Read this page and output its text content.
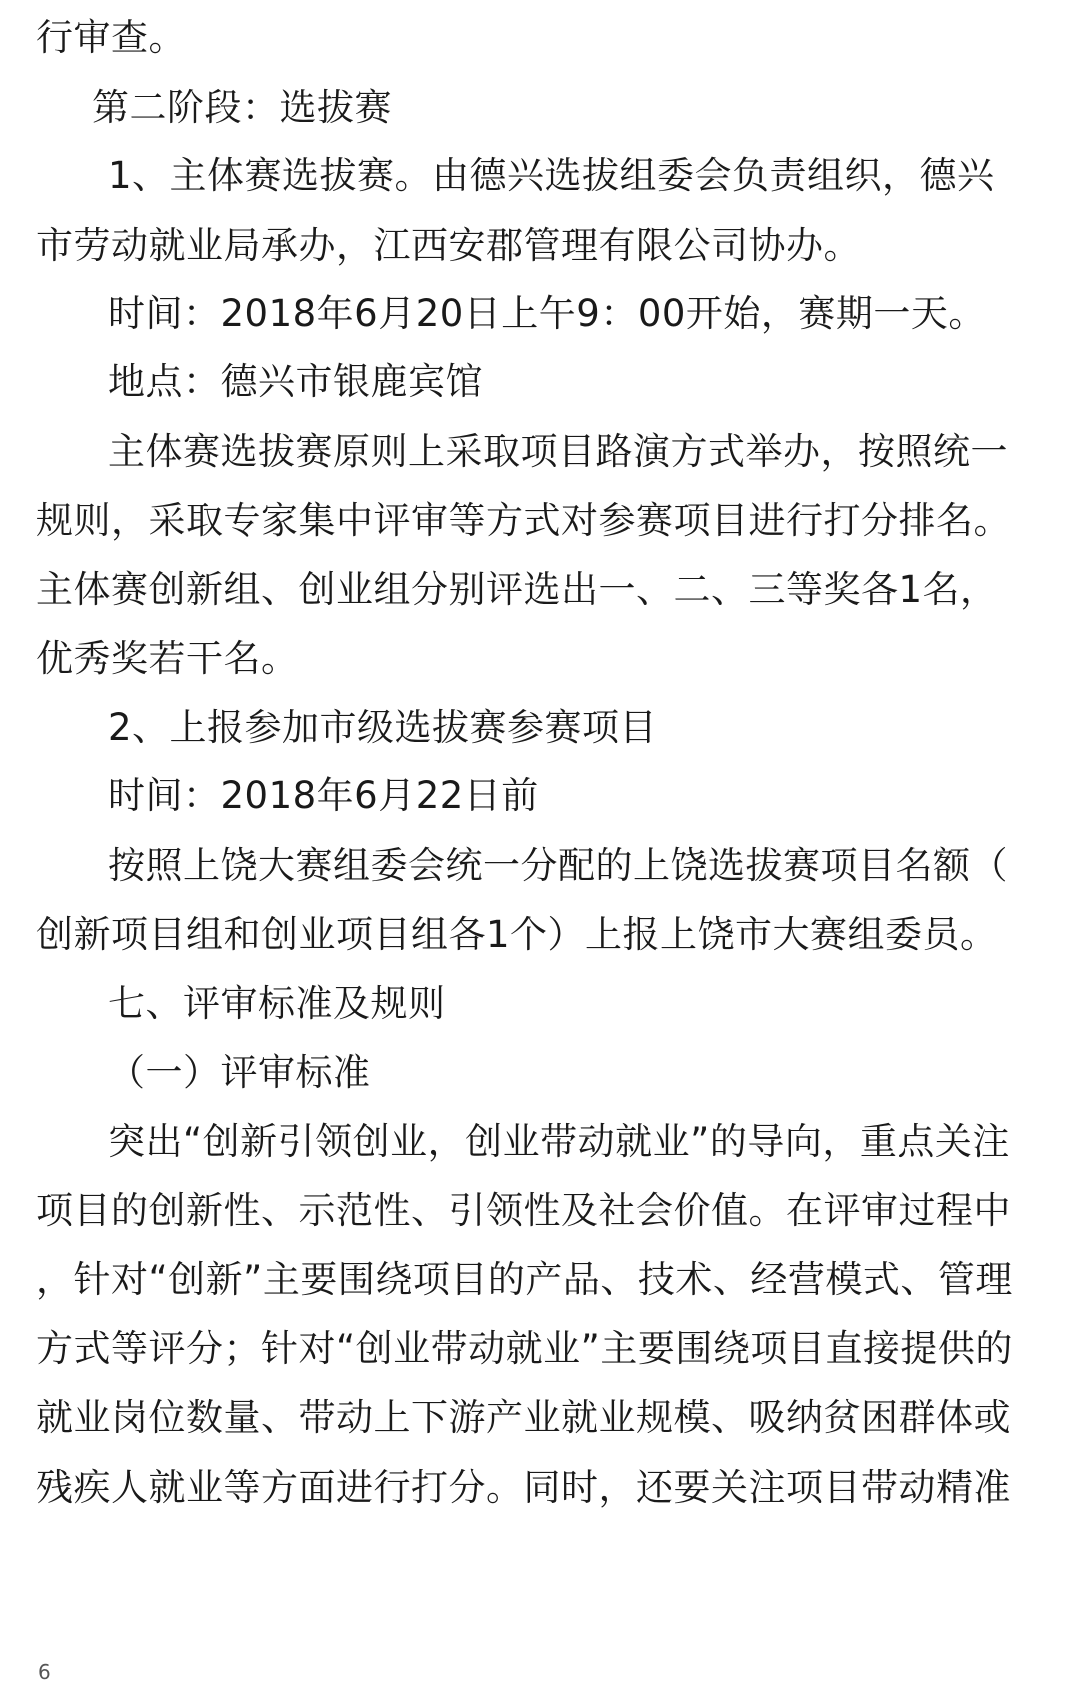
行审查。
第二阶段：选拔赛
1、主体赛选拔赛。由德兴选拔组委会负责组织，德兴
市劳动就业局承办，江西安郡管理有限公司协办。
时间：2018年6月20日上午9：00开始，赛期一天。
地点：德兴市银鹿宾馆
主体赛选拔赛原则上采取项目路演方式举办，按照统一
规则，采取专家集中评审等方式对参赛项目进行打分排名。
主体赛创新组、创业组分别评选出一、二、三等奖各1名，
优秀奖若干名。
2、上报参加市级选拔赛参赛项目
时间：2018年6月22日前
按照上饶大赛组委会统一分配的上饶选拔赛项目名额（
创新项目组和创业项目组各1个）上报上饶市大赛组委员。
七、评审标准及规则
（一）评审标准
突出“创新引领创业，创业带动就业”的导向，重点关注
项目的创新性、示范性、引领性及社会价值。在评审过程中
，针对“创新”主要围绕项目的产品、技术、经营模式、管理
方式等评分；针对“创业带动就业”主要围绕项目直接提供的
就业岗位数量、带动上下游产业就业规模、吸纳贫困群体或
残疾人就业等方面进行打分。同时，还要关注项目带动精准
6
